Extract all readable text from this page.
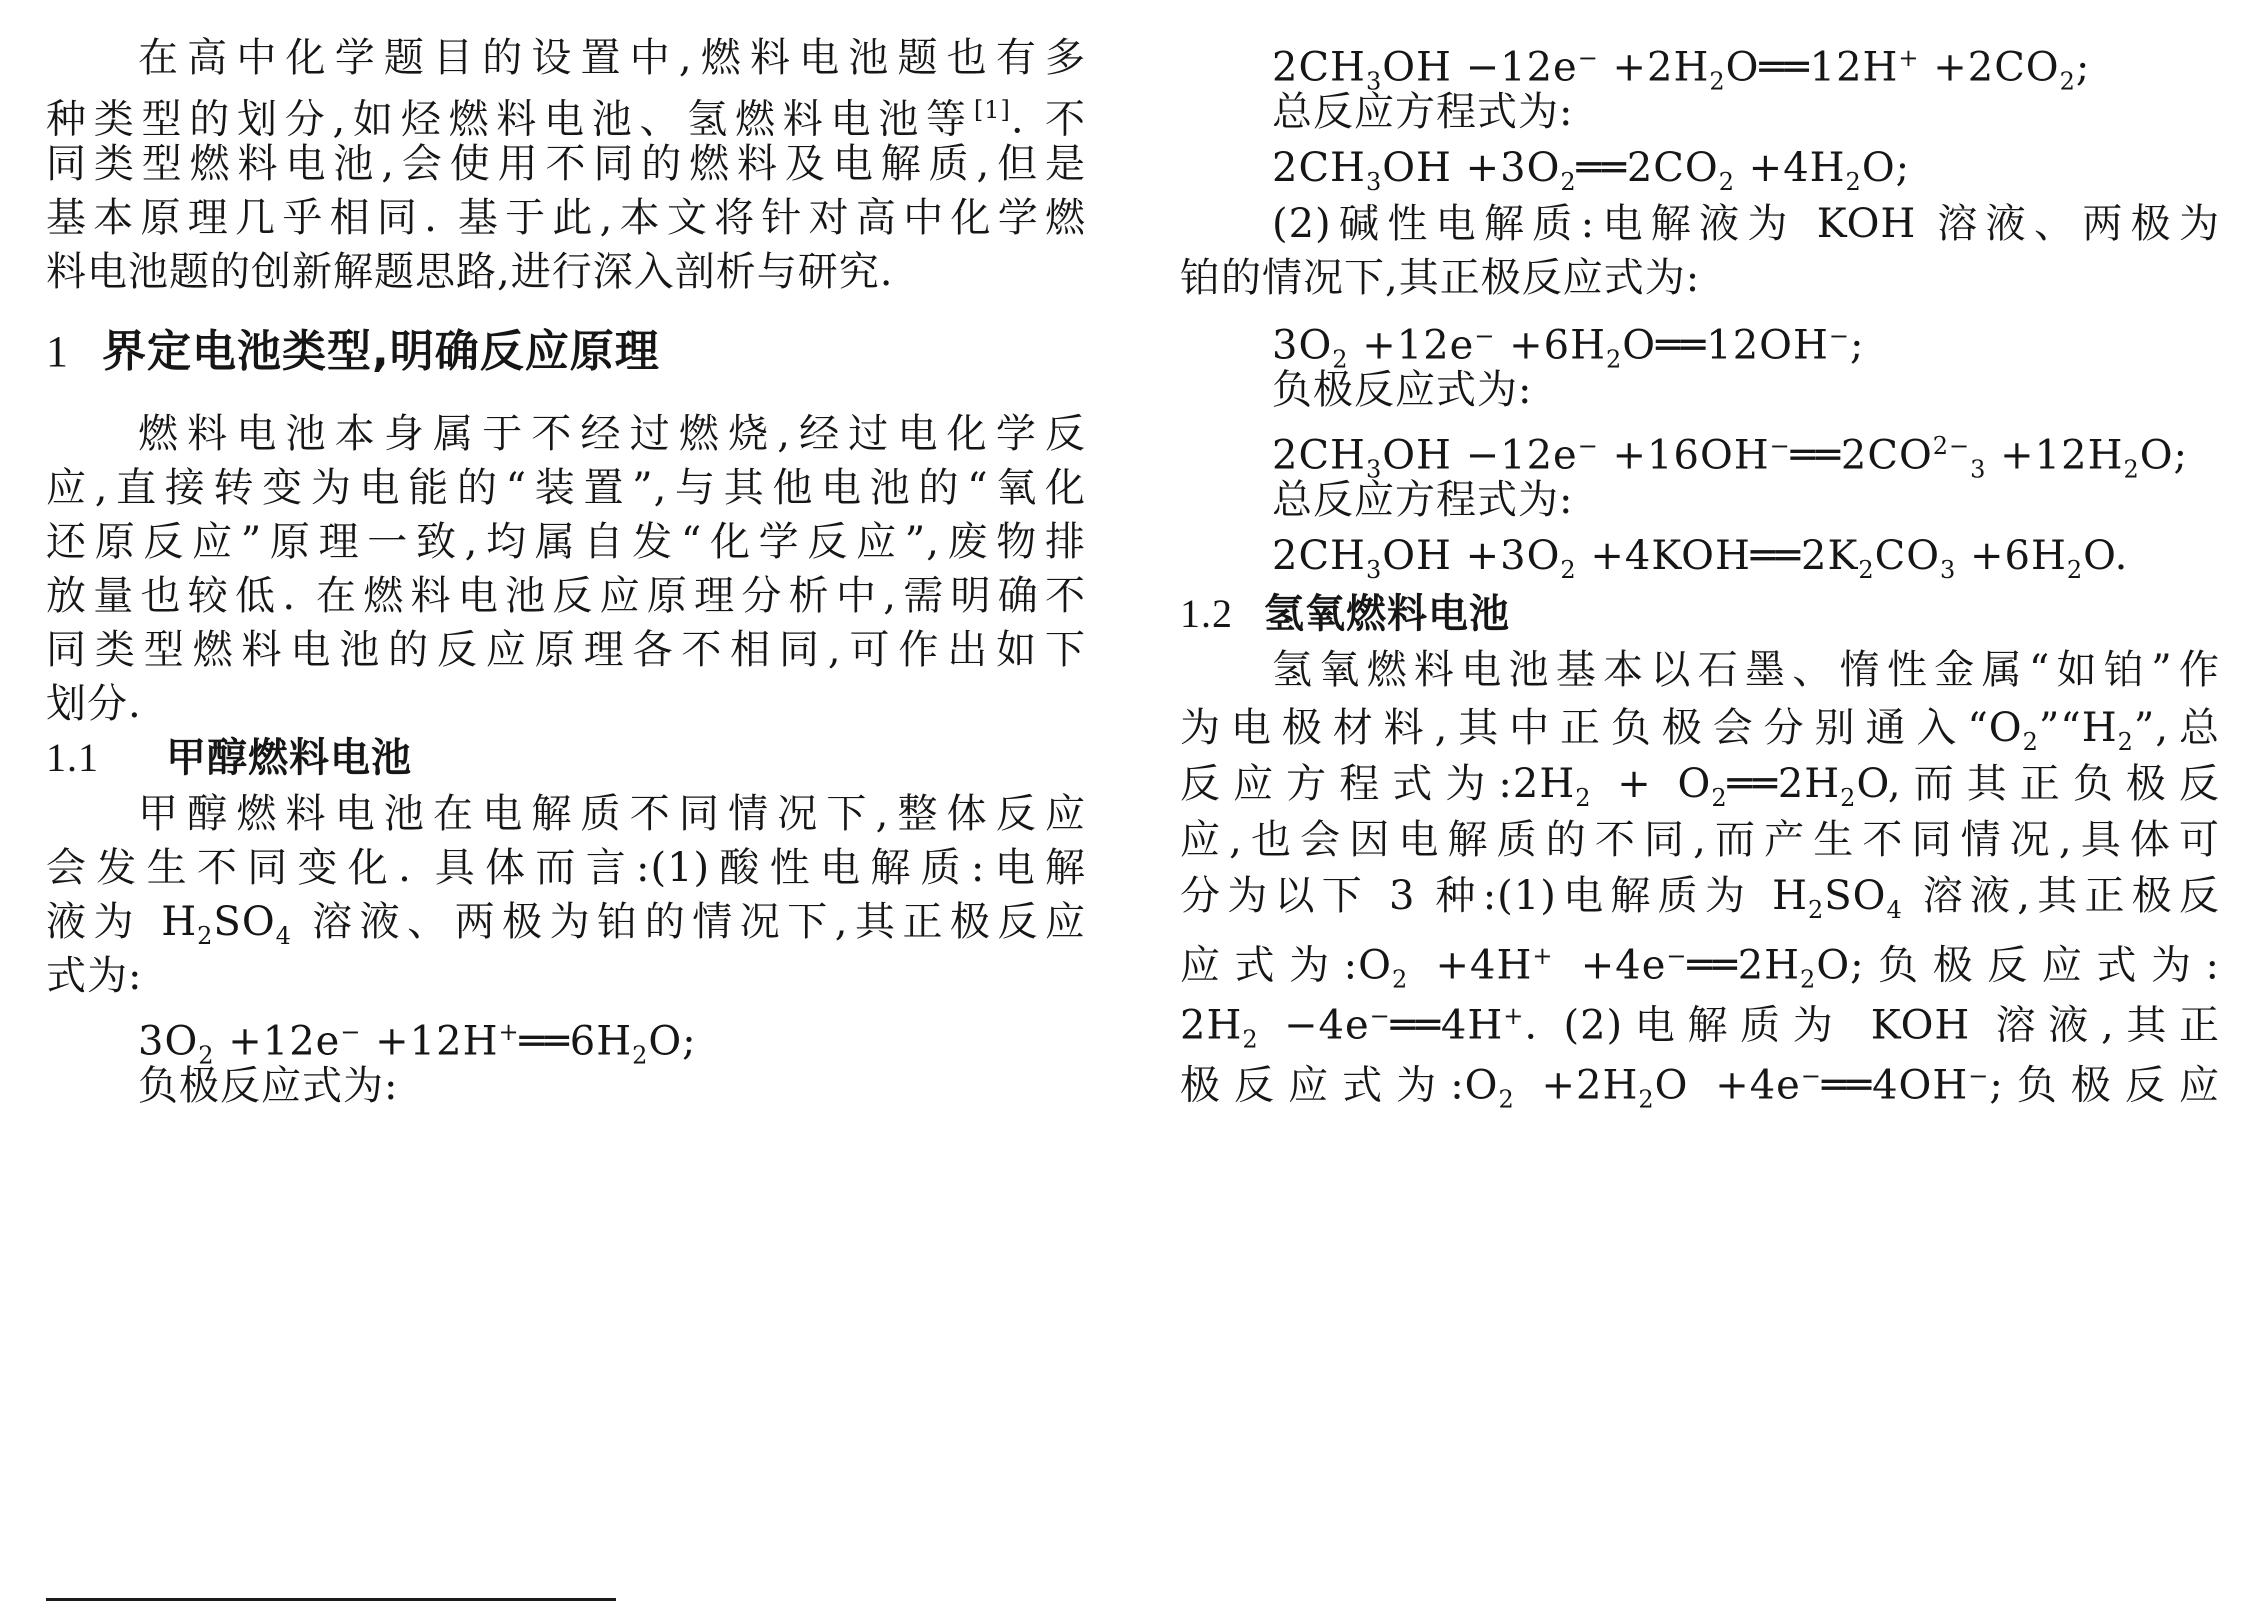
在高中化学题目的设置中,燃料电池题也有多
种类型的划分,如烃燃料电池、氢燃料电池等[1]. 不
同类型燃料电池,会使用不同的燃料及电解质,但是
基本原理几乎相同. 基于此,本文将针对高中化学燃
料电池题的创新解题思路,进行深入剖析与研究.
1 界定电池类型,明确反应原理
燃料电池本身属于不经过燃烧,经过电化学反
应,直接转变为电能的“装置”,与其他电池的“氧化
还原反应”原理一致,均属自发“化学反应”,废物排
放量也较低. 在燃料电池反应原理分析中,需明确不
同类型燃料电池的反应原理各不相同,可作出如下
划分.
1.1 甲醇燃料电池
甲醇燃料电池在电解质不同情况下,整体反应
会发生不同变化. 具体而言:(1)酸性电解质:电解
液为 $H_2SO_4$ 溶液、两极为铂的情况下,其正极反应
式为:
$3O_2 +12e^-$ $+12H^+══6H_2O$;
负极反应式为:
$2CH_3OH -12e^-$ $+2H_2O══12H^+ +2CO_2$;
总反应方程式为:
$2CH_3OH$ $+3O_2══2CO_2 +4H_2O$;
(2)碱性电解质:电解液为 KOH 溶液、两极为
铂的情况下,其正极反应式为:
$3O_2 +12e^-$ $+6H_2O══12OH^-$;
负极反应式为:
$2CH_3OH -12e^-$ $+16OH^-══2CO^{2-}_3 +12H_2O$;
总反应方程式为:
$2CH_3OH +3O_2$ $+4KOH══2K_2CO_3 +6H_2O$.
1.2 氢氧燃料电池
氢氧燃料电池基本以石墨、惰性金属“如铂”作
为电极材料,其中正负极会分别通入“$O_2”“H_2$”,总
反应方程式为$:2H_2$ + $O_2══2H_2O$,而其正负极反
应,也会因电解质的不同,而产生不同情况,具体可
分为以下 3 种:(1)电解质为 $H_2SO_4$ 溶液,其正极反
应式为$:O_2 +4H^+$ $+4e^-══2H_2O$;负极反应式为:
$2H_2$ −4e−══4H+. (2)电解质为 KOH 溶液,其正
极反应式为$:O_2 +2H_2O$ +4e−══4OH−;负极反应
